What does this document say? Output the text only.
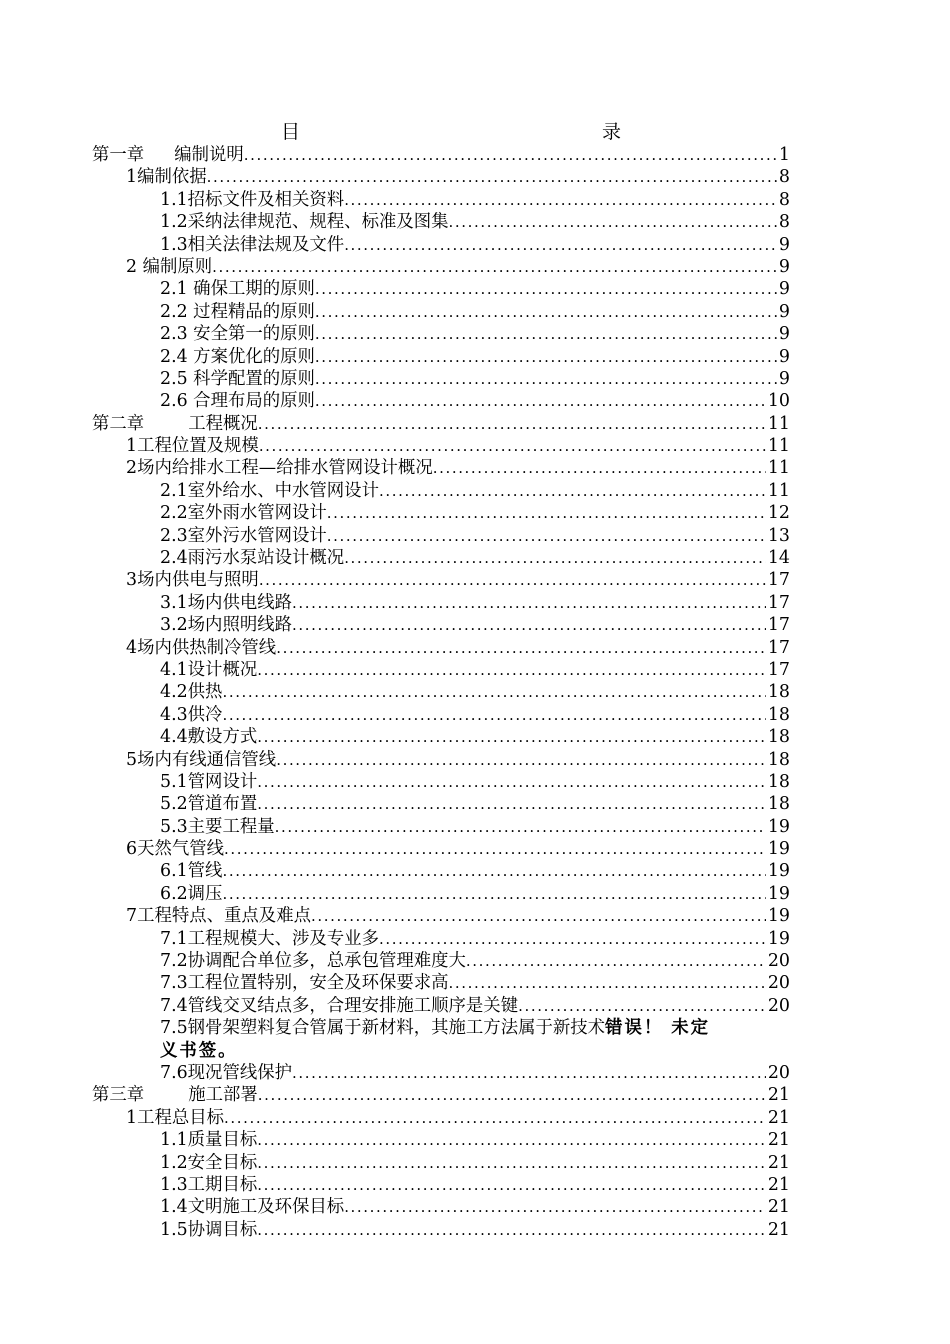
目　　录
第一章 编制说明 .....	1
1编制依据 .....	8
1.1招标文件及相关资料 .....	8
1.2采纳法律规范、规程、标准及图集 .....	8
1.3相关法律法规及文件 .....	9
2 编制原则 .....	9
2.1 确保工期的原则 .....	9
2.2 过程精品的原则 .....	9
2.3 安全第一的原则 .....	9
2.4 方案优化的原则 .....	9
2.5 科学配置的原则 .....	9
2.6 合理布局的原则 .....	10
第二章	工程概况 .....	11
1工程位置及规模 .....	11
2场内给排水工程—给排水管网设计概况 .....	11
2.1室外给水、中水管网设计 .....	11
2.2室外雨水管网设计 .....	12
2.3室外污水管网设计 .....	13
2.4雨污水泵站设计概况 .....	14
3场内供电与照明 .....	17
3.1场内供电线路 .....	17
3.2场内照明线路 .....	17
4场内供热制冷管线 .....	17
4.1设计概况 .....	17
4.2供热 .....	18
4.3供冷 .....	18
4.4敷设方式 .....	18
5场内有线通信管线 .....	18
5.1管网设计 .....	18
5.2管道布置 .....	18
5.3主要工程量 .....	19
6天然气管线 .....	19
6.1管线 .....	19
6.2调压 .....	19
7工程特点、重点及难点 .....	19
7.1工程规模大、涉及专业多 .....	19
7.2协调配合单位多，总承包管理难度大 .....	20
7.3工程位置特别，安全及环保要求高 .....	20
7.4管线交叉结点多，合理安排施工顺序是关键 .....	20
7.5钢骨架塑料复合管属于新材料，其施工方法属于新技术错误！ 未定
义书签。
7.6现况管线保护 .....	20
第三章	施工部署 .....	21
1工程总目标 .....	21
1.1质量目标 .....	21
1.2安全目标 .....	21
1.3工期目标 .....	21
1.4文明施工及环保目标 .....	21
1.5协调目标 .....	21
